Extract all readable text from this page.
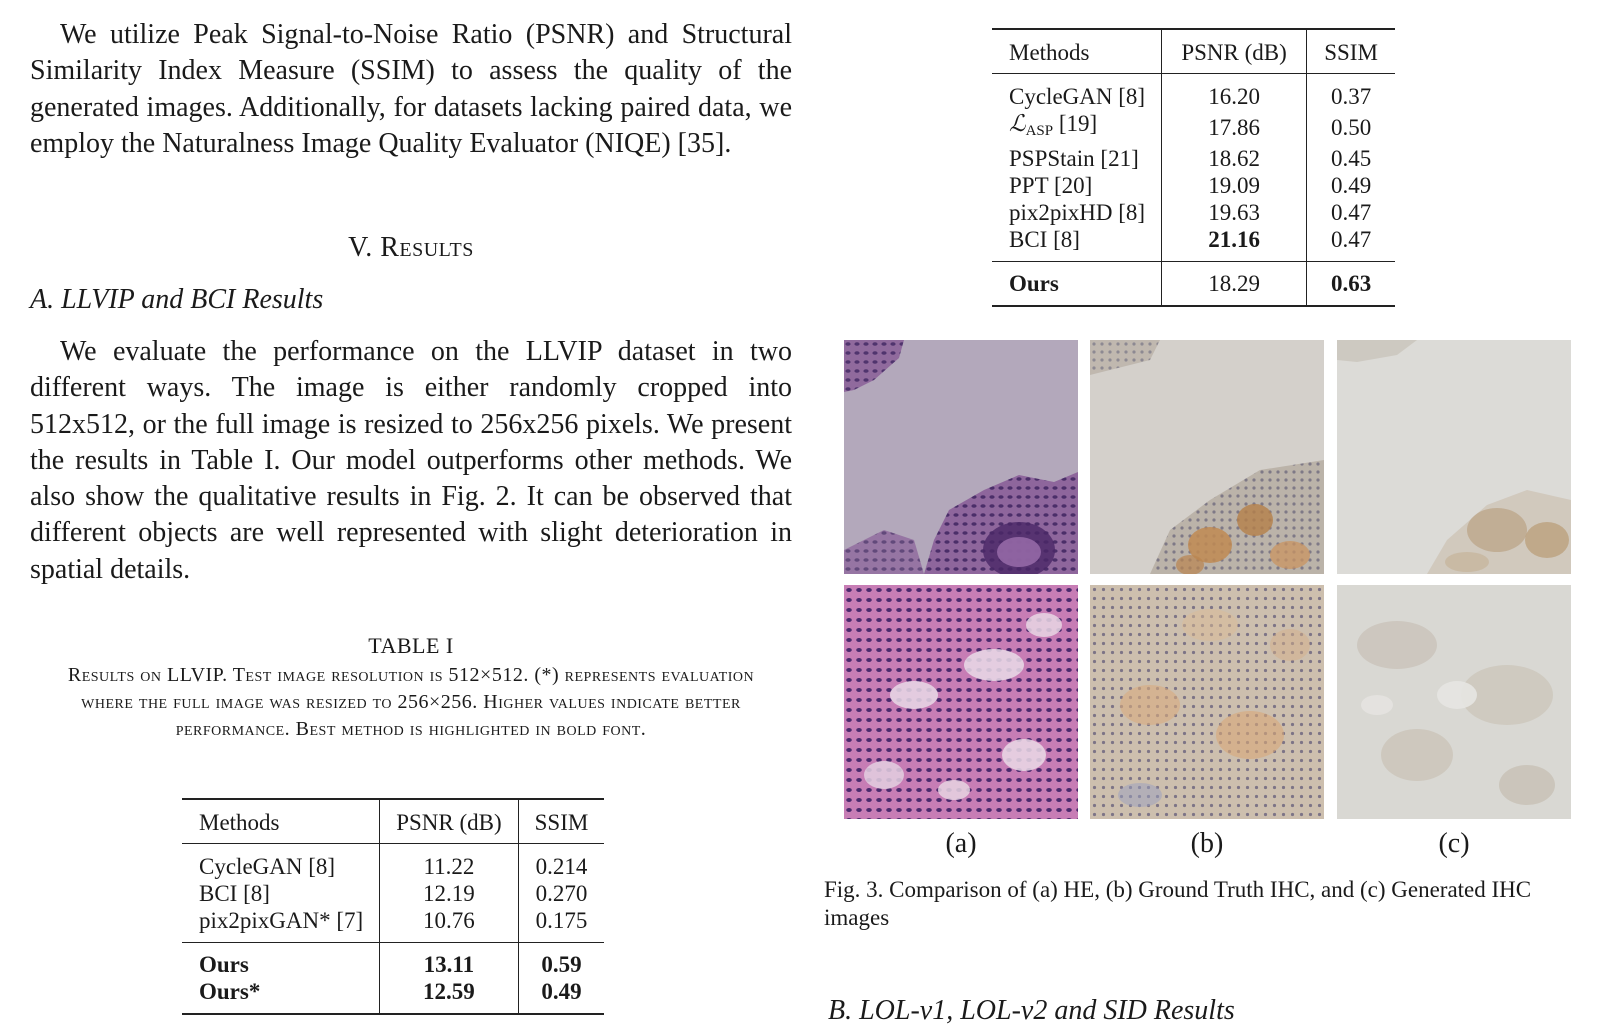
We utilize Peak Signal-to-Noise Ratio (PSNR) and Structural Similarity Index Measure (SSIM) to assess the quality of the generated images. Additionally, for datasets lacking paired data, we employ the Naturalness Image Quality Evaluator (NIQE) [35].
V. Results
A. LLVIP and BCI Results
We evaluate the performance on the LLVIP dataset in two different ways. The image is either randomly cropped into 512x512, or the full image is resized to 256x256 pixels. We present the results in Table I. Our model outperforms other methods. We also show the qualitative results in Fig. 2. It can be observed that different objects are well represented with slight deterioration in spatial details.
TABLE I
Results on LLVIP. Test image resolution is 512×512. (*) represents evaluation where the full image was resized to 256×256. Higher values indicate better performance. Best method is highlighted in bold font.
Methods	PSNR (dB)	SSIM
CycleGAN [8]	11.22	0.214
BCI [8]	12.19	0.270
pix2pixGAN* [7]	10.76	0.175
Ours	13.11	0.59
Ours*	12.59	0.49
Methods	PSNR (dB)	SSIM
CycleGAN [8]	16.20	0.37
ℒ$_{ASP}$ [19]	17.86	0.50
PSPStain [21]	18.62	0.45
PPT [20]	19.09	0.49
pix2pixHD [8]	19.63	0.47
BCI [8]	21.16	0.47
Ours	18.29	0.63
(a)	(b)	(c)
Fig. 3. Comparison of (a) HE, (b) Ground Truth IHC, and (c) Generated IHC images
B. LOL-v1, LOL-v2 and SID Results
